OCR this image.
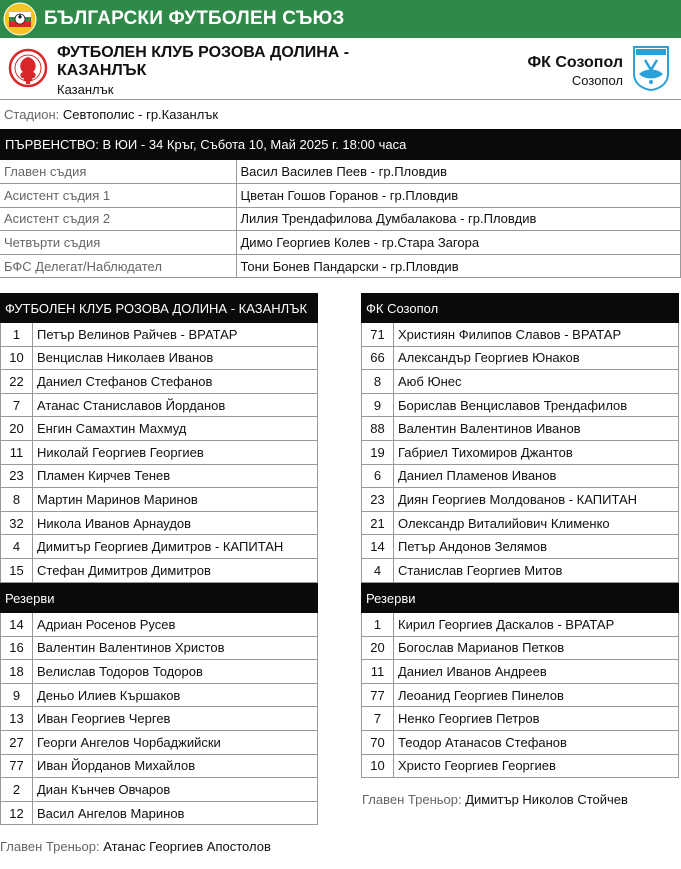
БЪЛГАРСКИ ФУТБОЛЕН СЪЮЗ
ФУТБОЛЕН КЛУБ РОЗОВА ДОЛИНА - КАЗАНЛЪК
Казанлък
ФК Созопол
Созопол
Стадион: Севтополис - гр.Казанлък
ПЪРВЕНСТВО: В ЮИ - 34 Кръг, Събота 10, Май 2025 г. 18:00 часа
Главен съдия	Васил Василев Пеев - гр.Пловдив
Асистент съдия 1	Цветан Гошов Горанов - гр.Пловдив
Асистент съдия 2	Лилия Трендафилова Думбалакова - гр.Пловдив
Четвърти съдия	Димо Георгиев Колев - гр.Стара Загора
БФС Делегат/Наблюдател	Тони Бонев Пандарски - гр.Пловдив
ФУТБОЛЕН КЛУБ РОЗОВА ДОЛИНА - КАЗАНЛЪК	
1	Петър Велинов Райчев - ВРАТАР
10	Венцислав Николаев Иванов
22	Даниел Стефанов Стефанов
7	Атанас Станиславов Йорданов
20	Енгин Самахтин Махмуд
11	Николай Георгиев Георгиев
23	Пламен Кирчев Тенев
8	Мартин Маринов Маринов
32	Никола Иванов Арнаудов
4	Димитър Георгиев Димитров - КАПИТАН
15	Стефан Димитров Димитров
Резерви	
14	Адриан Росенов Русев
16	Валентин Валентинов Христов
18	Велислав Тодоров Тодоров
9	Деньо Илиев Кършаков
13	Иван Георгиев Чергев
27	Георги Ангелов Чорбаджийски
77	Иван Йорданов Михайлов
2	Диан Кънчев Овчаров
12	Васил Ангелов Маринов
ФК Созопол	
71	Християн Филипов Славов - ВРАТАР
66	Александър Георгиев Юнаков
8	Аюб Юнес
9	Борислав Венциславов Трендафилов
88	Валентин Валентинов Иванов
19	Габриел Тихомиров Джантов
6	Даниел Пламенов Иванов
23	Диян Георгиев Молдованов - КАПИТАН
21	Олександр Виталийович Клименко
14	Петър Андонов Зелямов
4	Станислав Георгиев Митов
Резерви	
1	Кирил Георгиев Даскалов - ВРАТАР
20	Богослав Марианов Петков
11	Даниел Иванов Андреев
77	Леоанид Георгиев Пинелов
7	Ненко Георгиев Петров
70	Теодор Атанасов Стефанов
10	Христо Георгиев Георгиев
Главен Треньор: Димитър Николов Стойчев
Главен Треньор: Атанас Георгиев Апостолов
